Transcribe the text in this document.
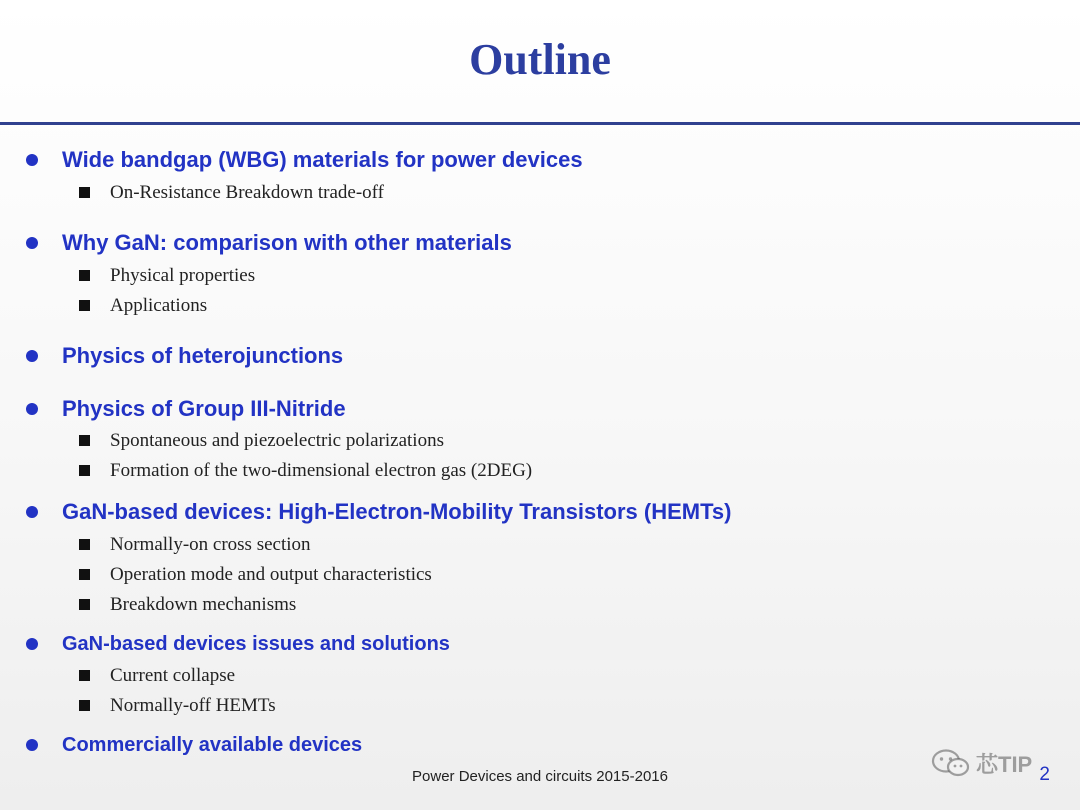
Outline
Wide bandgap (WBG) materials for power devices
On-Resistance Breakdown trade-off
Why GaN: comparison with other materials
Physical properties
Applications
Physics of heterojunctions
Physics of Group III-Nitride
Spontaneous and piezoelectric polarizations
Formation of the two-dimensional electron gas (2DEG)
GaN-based devices: High-Electron-Mobility Transistors (HEMTs)
Normally-on cross section
Operation mode and output characteristics
Breakdown mechanisms
GaN-based devices issues and solutions
Current collapse
Normally-off HEMTs
Commercially available devices
Power Devices and circuits 2015-2016	2
芯TIP
